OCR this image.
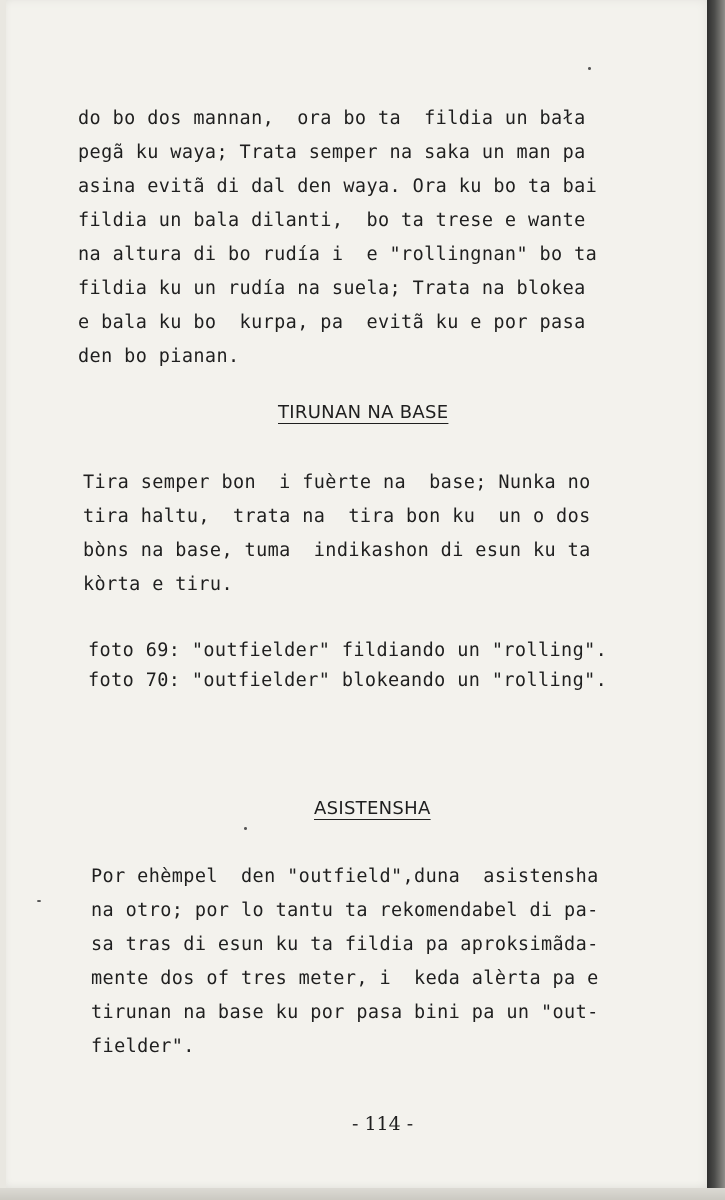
do bo dos mannan,  ora bo ta  fildia un bała
pegã ku waya; Trata semper na saka un man pa
asina evitã di dal den waya. Ora ku bo ta bai
fildia un bala dilanti,  bo ta trese e wante
na altura di bo rudía i  e "rollingnan" bo ta
fildia ku un rudía na suela; Trata na blokea
e bala ku bo  kurpa, pa  evitã ku e por pasa
den bo pianan.
TIRUNAN NA BASE
Tira semper bon  i fuèrte na  base; Nunka no
tira haltu,  trata na  tira bon ku  un o dos
bòns na base, tuma  indikashon di esun ku ta
kòrta e tiru.
foto 69: "outfielder" fildiando un "rolling".
foto 70: "outfielder" blokeando un "rolling".
ASISTENSHA
Por ehèmpel  den "outfield",duna  asistensha
na otro; por lo tantu ta rekomendabel di pa-
sa tras di esun ku ta fildia pa aproksimãda-
mente dos of tres meter, i  keda alèrta pa e
tirunan na base ku por pasa bini pa un "out-
fielder".
- 114 -
